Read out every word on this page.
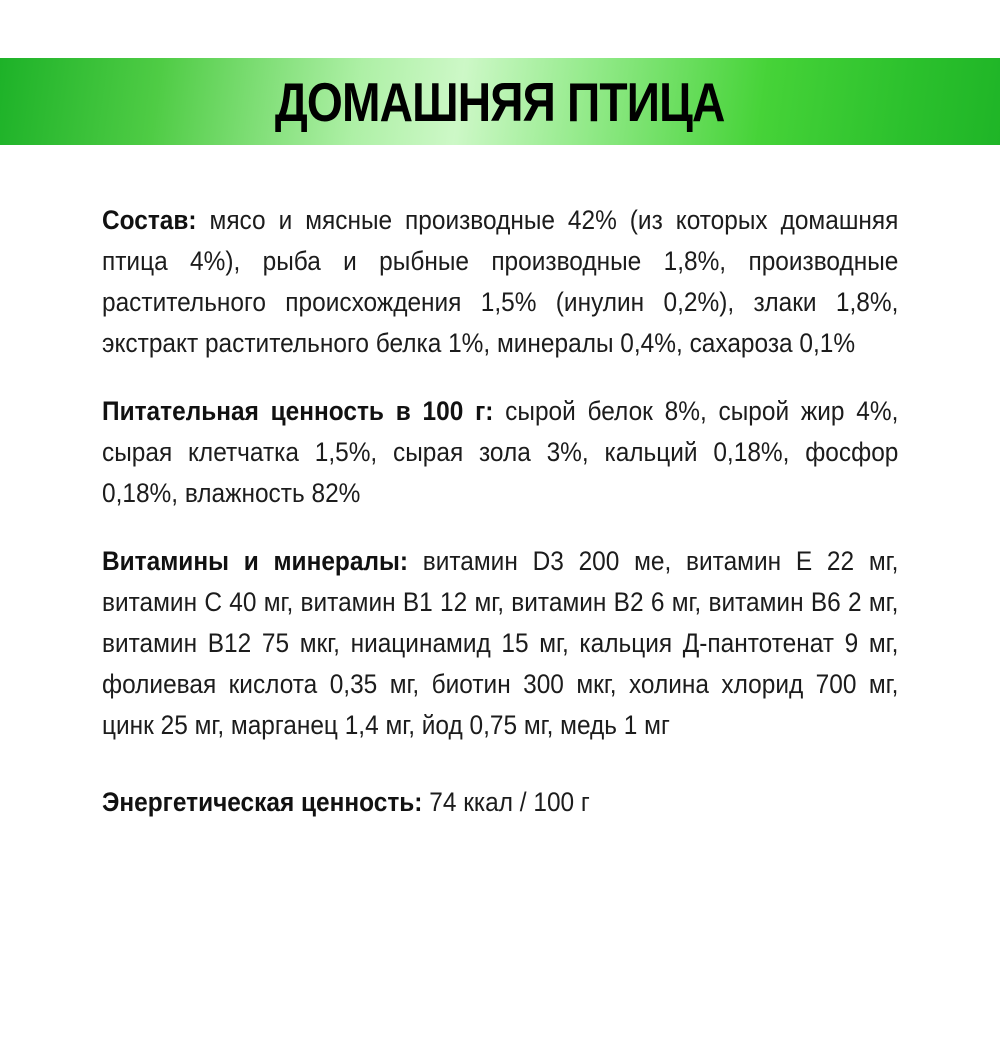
ДОМАШНЯЯ ПТИЦА

Состав: мясо и мясные производные 42% (из которых домашняя птица 4%), рыба и рыбные производные 1,8%, производные растительного происхождения 1,5% (инулин 0,2%), злаки 1,8%, экстракт растительного белка 1%, минералы 0,4%, сахароза 0,1%

Питательная ценность в 100 г: сырой белок 8%, сырой жир 4%, сырая клетчатка 1,5%, сырая зола 3%, кальций 0,18%, фосфор 0,18%, влажность 82%

Витамины и минералы: витамин D3 200 ме, витамин Е 22 мг, витамин С 40 мг, витамин В1 12 мг, витамин В2 6 мг, витамин В6 2 мг, витамин В12 75 мкг, ниацинамид 15 мг, кальция Д-пантотенат 9 мг, фолиевая кислота 0,35 мг, биотин 300 мкг, холина хлорид 700 мг, цинк 25 мг, марганец 1,4 мг, йод 0,75 мг, медь 1 мг

Энергетическая ценность: 74 ккал / 100 г
